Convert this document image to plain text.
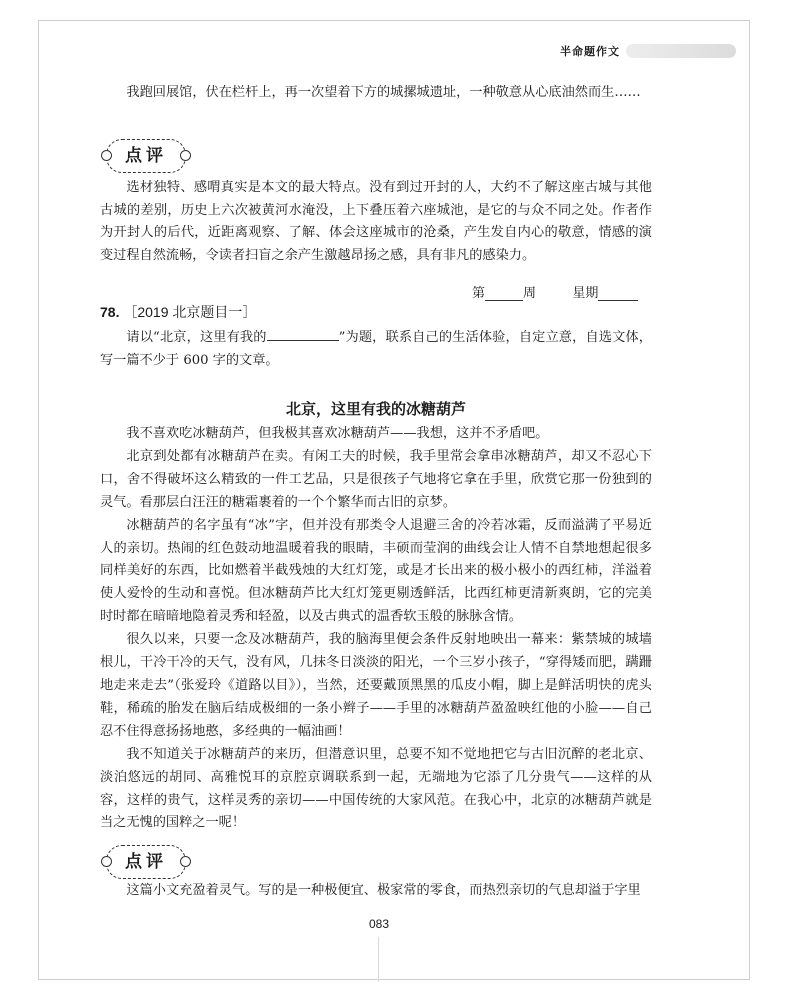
半命题作文

我跑回展馆，伏在栏杆上，再一次望着下方的城摞城遗址，一种敬意从心底油然而生……

点评

选材独特、感喟真实是本文的最大特点。没有到过开封的人，大约不了解这座古城与其他古城的差别，历史上六次被黄河水淹没，上下叠压着六座城池，是它的与众不同之处。作者作为开封人的后代，近距离观察、了解、体会这座城市的沧桑，产生发自内心的敬意，情感的演变过程自然流畅，令读者扫盲之余产生激越昂扬之感，具有非凡的感染力。

第	周	星期
78. ［2019 北京题目一］

请以“北京，这里有我的	”为题，联系自己的生活体验，自定立意，自选文体，写一篇不少于 600 字的文章。

北京，这里有我的冰糖葫芦

我不喜欢吃冰糖葫芦，但我极其喜欢冰糖葫芦——我想，这并不矛盾吧。

北京到处都有冰糖葫芦在卖。有闲工夫的时候，我手里常会拿串冰糖葫芦，却又不忍心下口，舍不得破坏这么精致的一件工艺品，只是很孩子气地将它拿在手里，欣赏它那一份独到的灵气。看那层白汪汪的糖霜裹着的一个个繁华而古旧的京梦。

冰糖葫芦的名字虽有“冰”字，但并没有那类令人退避三舍的冷若冰霜，反而溢满了平易近人的亲切。热闹的红色鼓动地温暖着我的眼睛，丰硕而莹润的曲线会让人情不自禁地想起很多同样美好的东西，比如燃着半截残烛的大红灯笼，或是才长出来的极小极小的西红柿，洋溢着使人爱怜的生动和喜悦。但冰糖葫芦比大红灯笼更剔透鲜活，比西红柿更清新爽朗，它的完美时时都在暗暗地隐着灵秀和轻盈，以及古典式的温香软玉般的脉脉含情。

很久以来，只要一念及冰糖葫芦，我的脑海里便会条件反射地映出一幕来：紫禁城的城墙根儿，干冷干冷的天气，没有风，几抹冬日淡淡的阳光，一个三岁小孩子，“穿得矮而肥，蹒跚地走来走去”（张爱玲《道路以目》），当然，还要戴顶黑黑的瓜皮小帽，脚上是鲜活明快的虎头鞋，稀疏的胎发在脑后结成极细的一条小辫子——手里的冰糖葫芦盈盈映红他的小脸——自己忍不住得意扬扬地憨，多经典的一幅油画！

我不知道关于冰糖葫芦的来历，但潜意识里，总要不知不觉地把它与古旧沉醉的老北京、淡泊悠远的胡同、高雅悦耳的京腔京调联系到一起，无端地为它添了几分贵气——这样的从容，这样的贵气，这样灵秀的亲切——中国传统的大家风范。在我心中，北京的冰糖葫芦就是当之无愧的国粹之一呢！

点评

这篇小文充盈着灵气。写的是一种极便宜、极家常的零食，而热烈亲切的气息却溢于字里

083
